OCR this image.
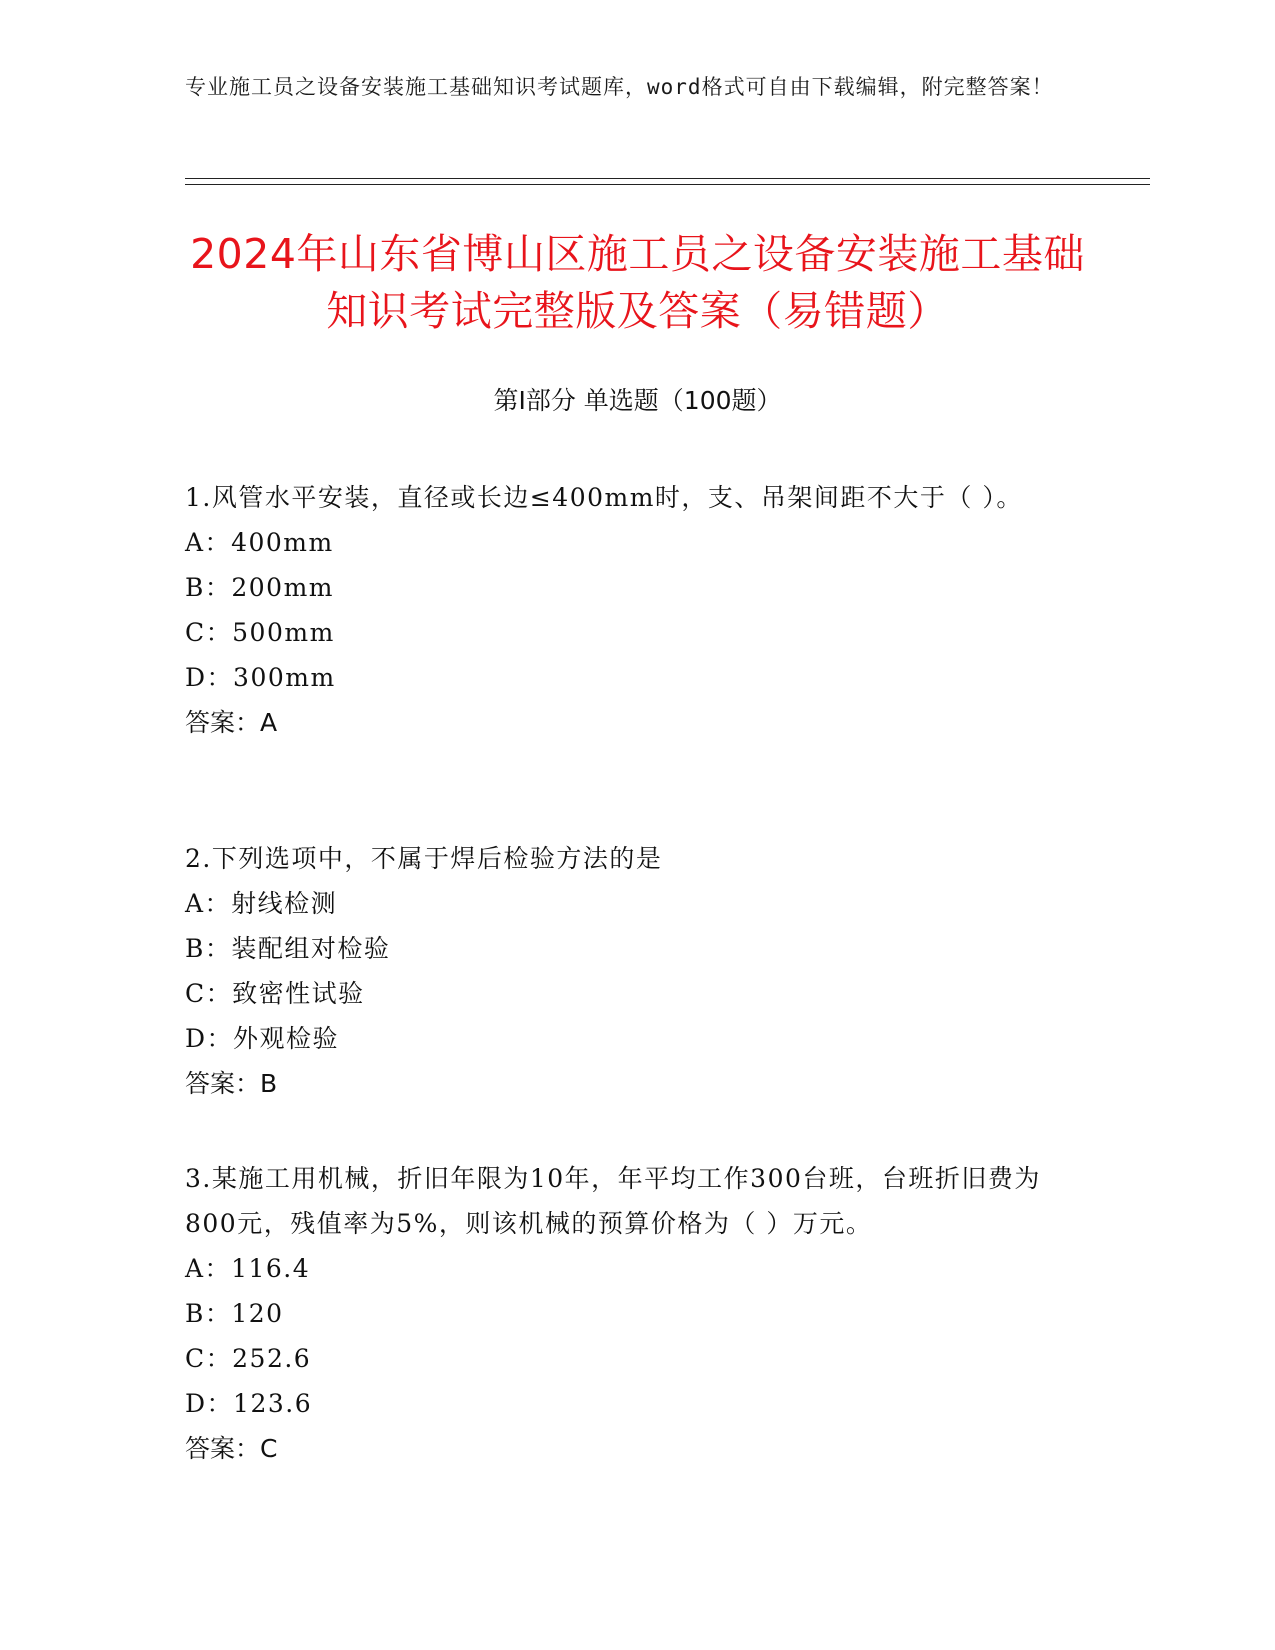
专业施工员之设备安装施工基础知识考试题库，word格式可自由下载编辑，附完整答案！
2024年山东省博山区施工员之设备安装施工基础知识考试完整版及答案（易错题）
第Ⅰ部分 单选题（100题）

1.风管水平安装，直径或长边≤400mm时，支、吊架间距不大于（ ）。

A：400mm

B：200mm

C：500mm

D：300mm

答案：A

2.下列选项中，不属于焊后检验方法的是

A：射线检测

B：装配组对检验

C：致密性试验

D：外观检验

答案：B

3.某施工用机械，折旧年限为10年，年平均工作300台班，台班折旧费为800元，残值率为5%，则该机械的预算价格为（ ）万元。

A：116.4

B：120

C：252.6

D：123.6

答案：C
